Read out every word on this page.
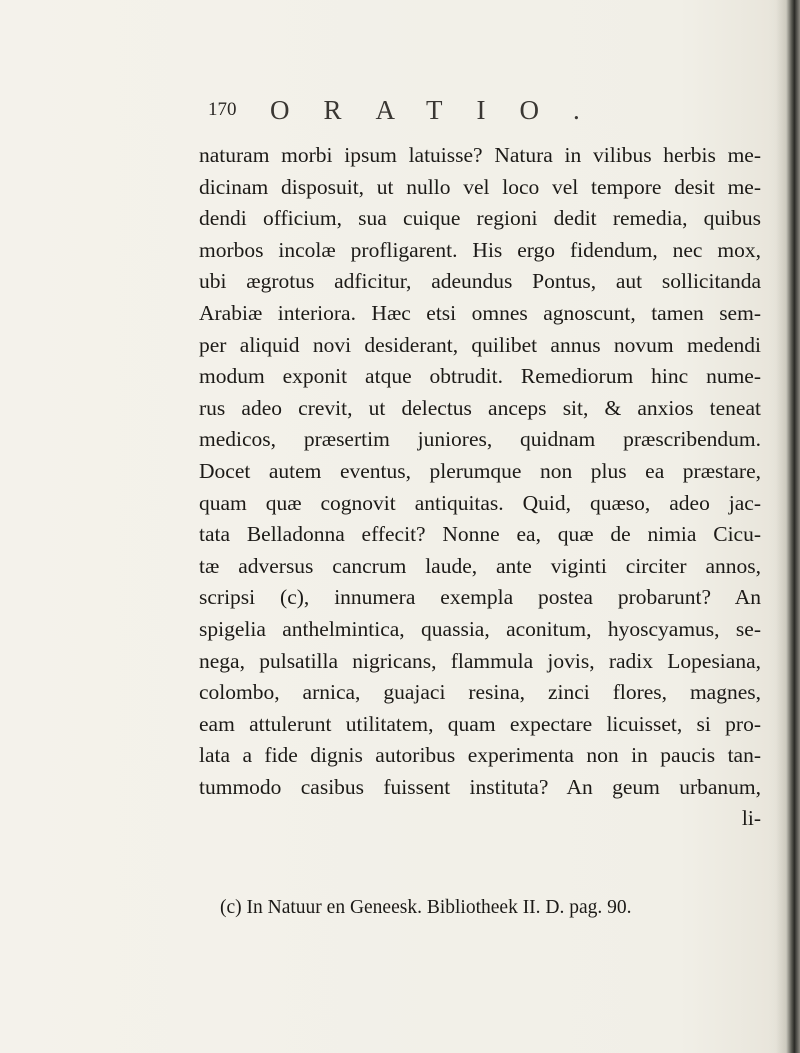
170 ORATIO.
naturam morbi ipsum latuisse? Natura in vilibus herbis me-
dicinam disposuit, ut nullo vel loco vel tempore desit me-
dendi officium, sua cuique regioni dedit remedia, quibus
morbos incolæ profligarent. His ergo fidendum, nec mox,
ubi ægrotus adficitur, adeundus Pontus, aut sollicitanda
Arabiæ interiora. Hæc etsi omnes agnoscunt, tamen sem-
per aliquid novi desiderant, quilibet annus novum medendi
modum exponit atque obtrudit. Remediorum hinc nume-
rus adeo crevit, ut delectus anceps sit, & anxios teneat
medicos, præsertim juniores, quidnam præscribendum.
Docet autem eventus, plerumque non plus ea præstare,
quam quæ cognovit antiquitas. Quid, quæso, adeo jac-
tata Belladonna effecit? Nonne ea, quæ de nimia Cicu-
tæ adversus cancrum laude, ante viginti circiter annos,
scripsi (c), innumera exempla postea probarunt? An
spigelia anthelmintica, quassia, aconitum, hyoscyamus, se-
nega, pulsatilla nigricans, flammula jovis, radix Lopesiana,
colombo, arnica, guajaci resina, zinci flores, magnes,
eam attulerunt utilitatem, quam expectare licuisset, si pro-
lata a fide dignis autoribus experimenta non in paucis tan-
tummodo casibus fuissent instituta? An geum urbanum,
li-
(c) In Natuur en Geneesk. Bibliotheek II. D. pag. 90.
